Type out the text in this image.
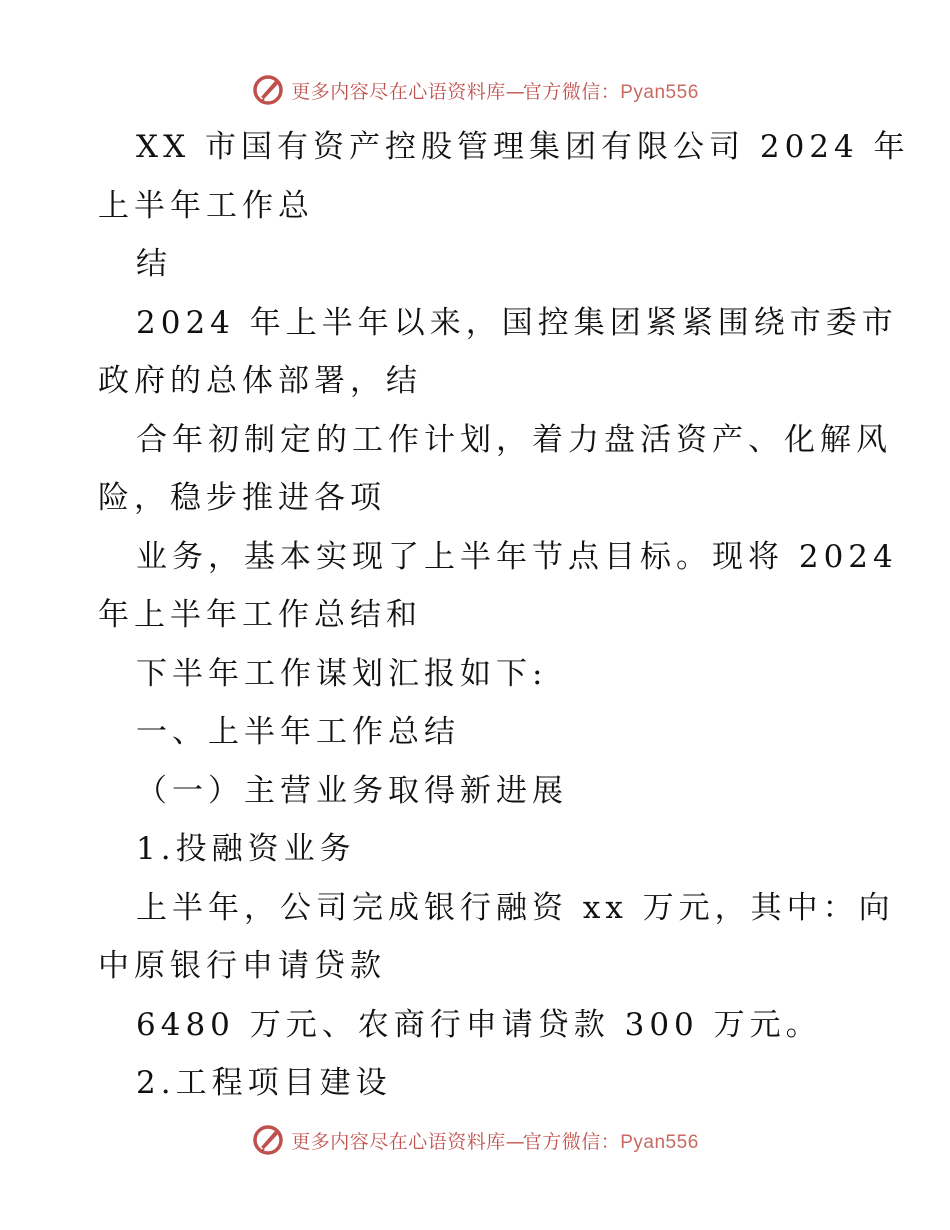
更多内容尽在心语资料库—官方微信：Pyan556
XX 市国有资产控股管理集团有限公司 2024 年
上半年工作总
结
2024 年上半年以来，国控集团紧紧围绕市委市
政府的总体部署，结
合年初制定的工作计划，着力盘活资产、化解风
险，稳步推进各项
业务，基本实现了上半年节点目标。现将 2024
年上半年工作总结和
下半年工作谋划汇报如下:
一、上半年工作总结
（一）主营业务取得新进展
1.投融资业务
上半年，公司完成银行融资 xx 万元，其中：向
中原银行申请贷款
6480 万元、农商行申请贷款 300 万元。
2.工程项目建设
更多内容尽在心语资料库—官方微信：Pyan556
